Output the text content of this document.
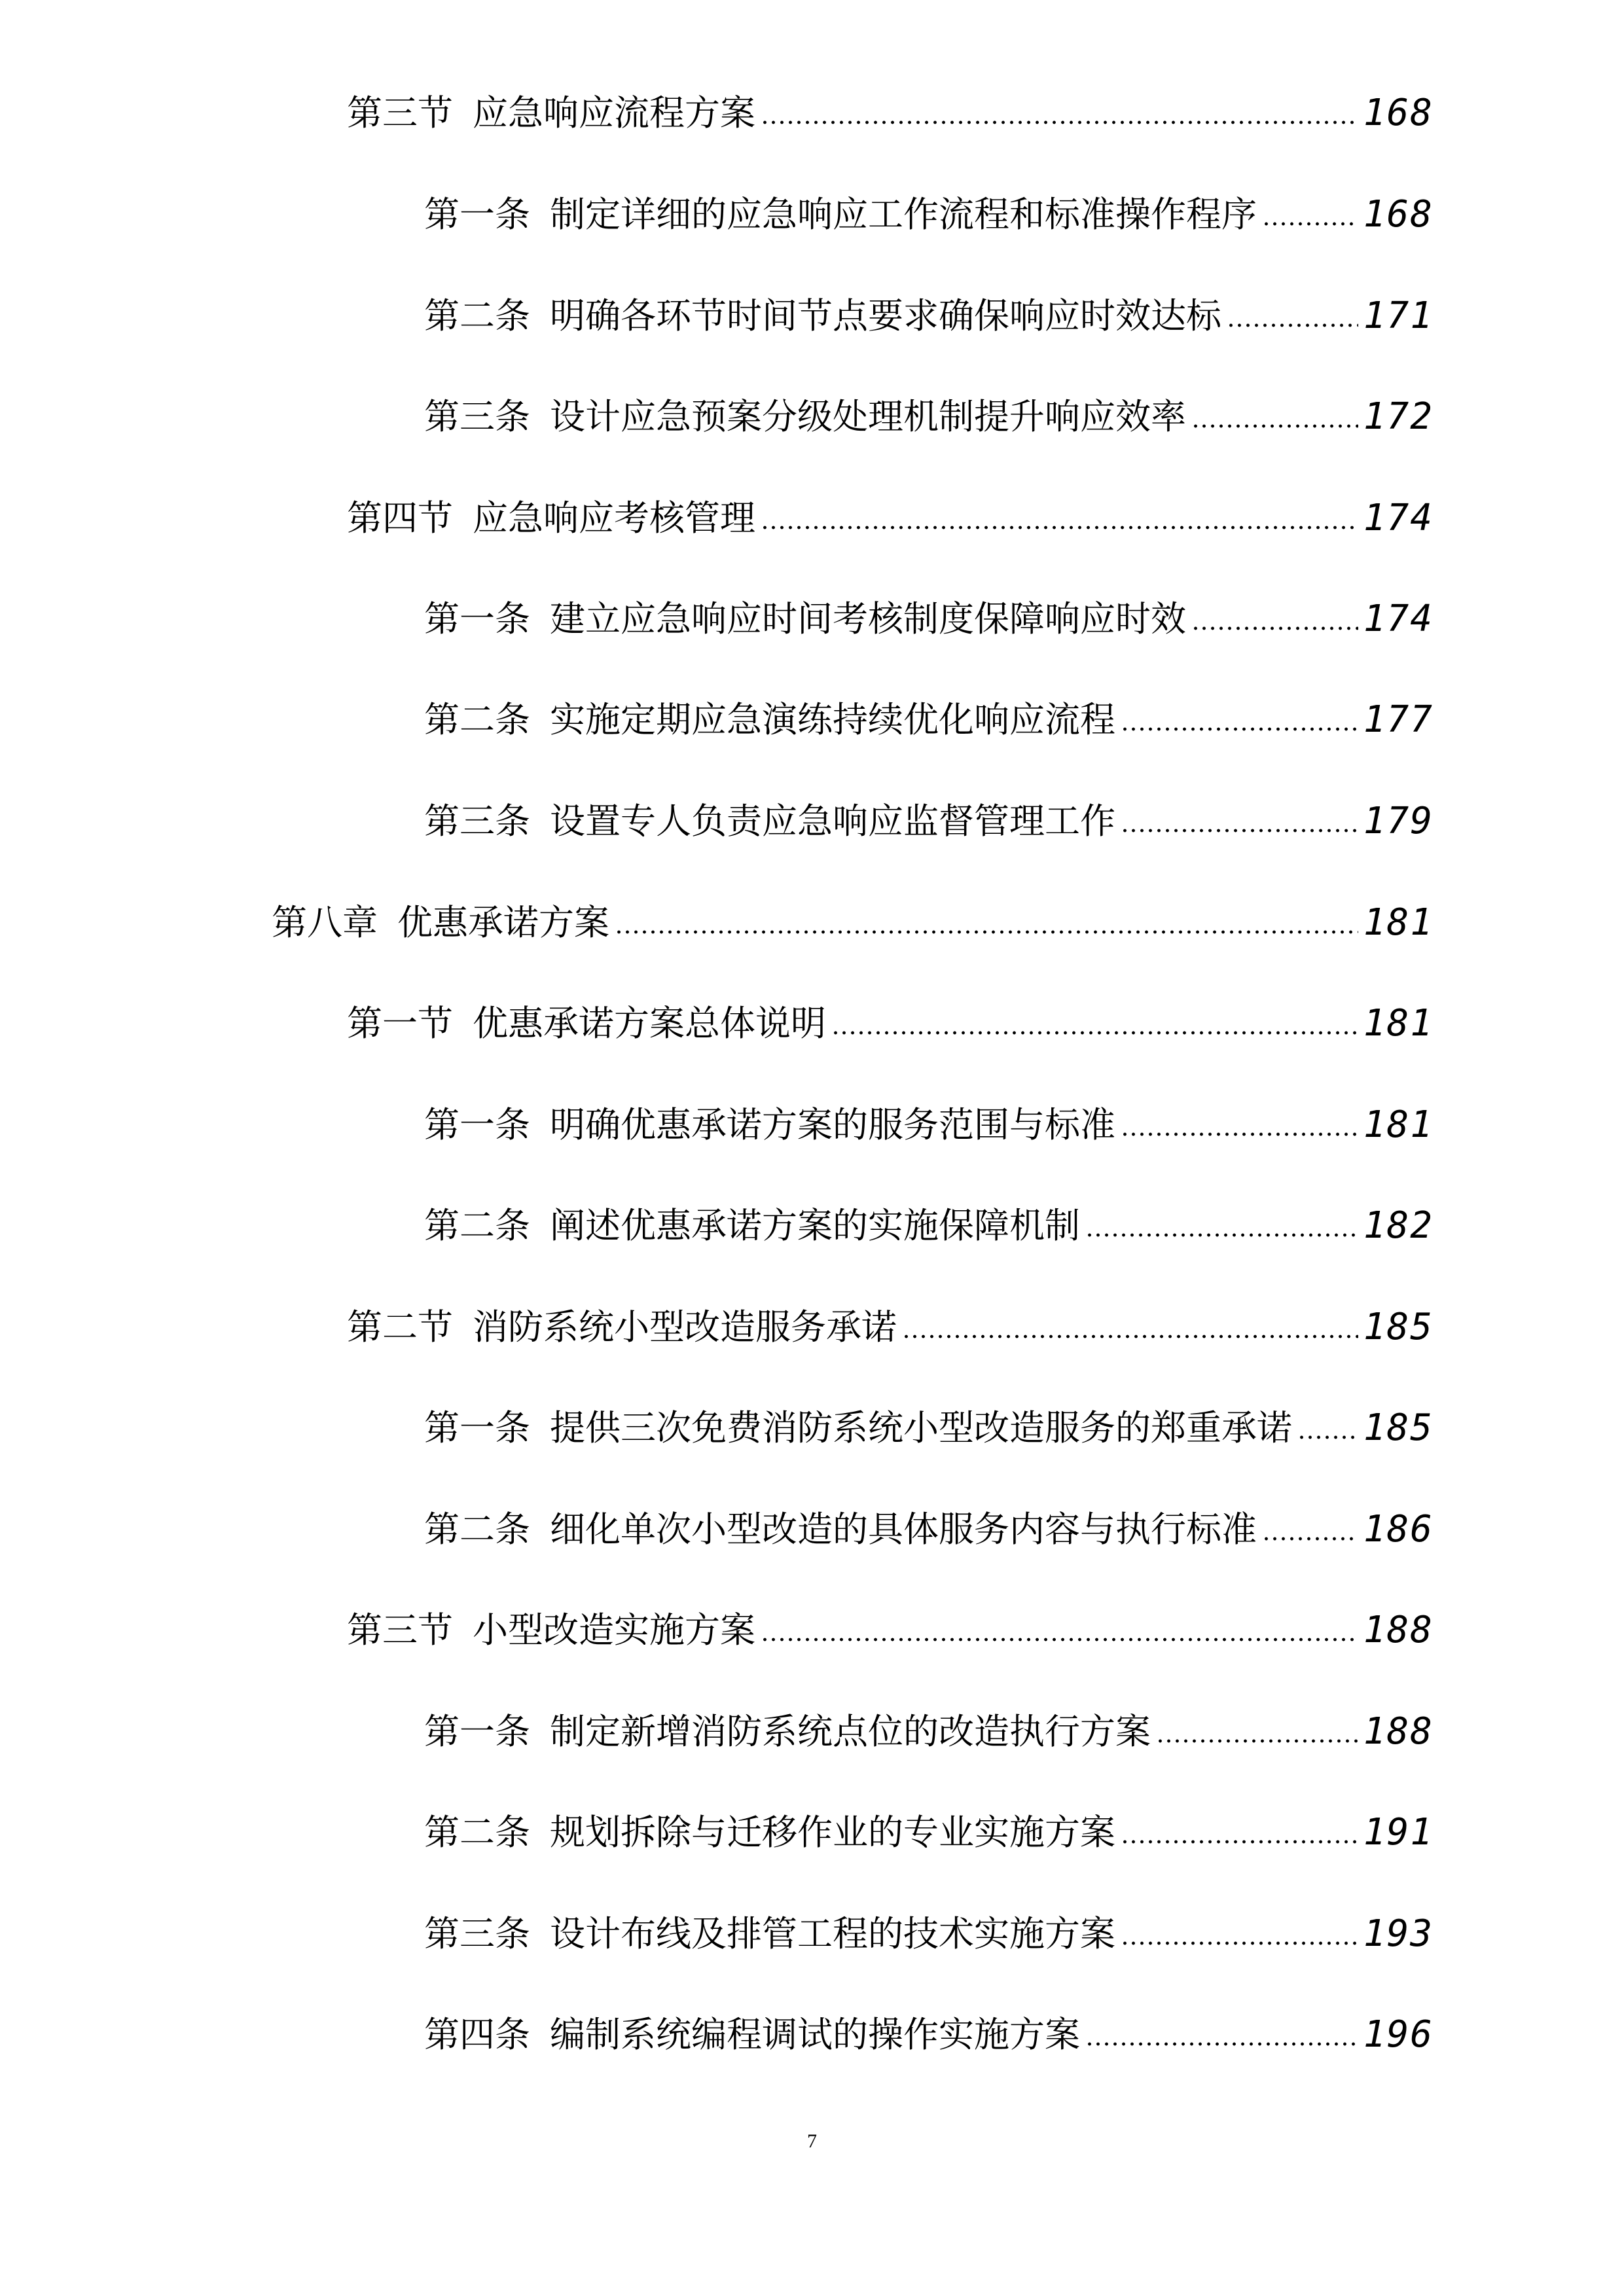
第三节 应急响应流程方案	168
第一条 制定详细的应急响应工作流程和标准操作程序	168
第二条 明确各环节时间节点要求确保响应时效达标	171
第三条 设计应急预案分级处理机制提升响应效率	172
第四节 应急响应考核管理	174
第一条 建立应急响应时间考核制度保障响应时效	174
第二条 实施定期应急演练持续优化响应流程	177
第三条 设置专人负责应急响应监督管理工作	179
第八章 优惠承诺方案	181
第一节 优惠承诺方案总体说明	181
第一条 明确优惠承诺方案的服务范围与标准	181
第二条 阐述优惠承诺方案的实施保障机制	182
第二节 消防系统小型改造服务承诺	185
第一条 提供三次免费消防系统小型改造服务的郑重承诺 185
第二条 细化单次小型改造的具体服务内容与执行标准	186
第三节 小型改造实施方案	188
第一条 制定新增消防系统点位的改造执行方案	188
第二条 规划拆除与迁移作业的专业实施方案	191
第三条 设计布线及排管工程的技术实施方案	193
第四条 编制系统编程调试的操作实施方案	196
7
